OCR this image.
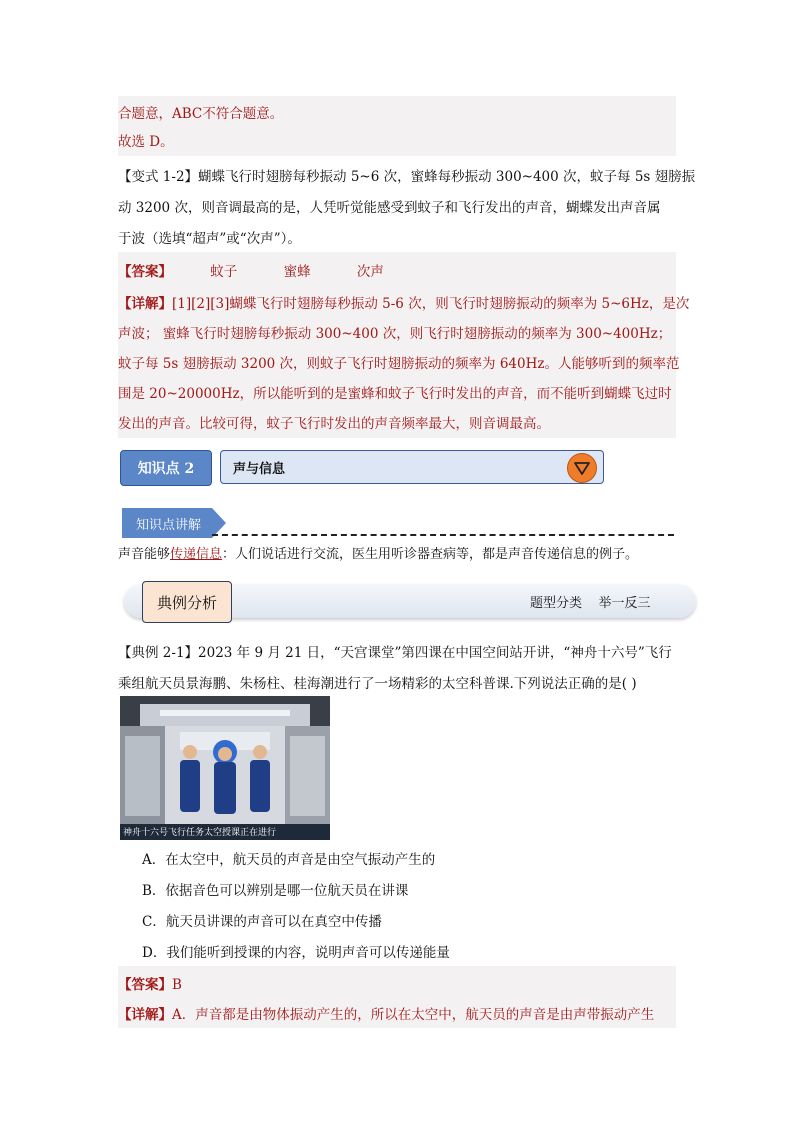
合题意，ABC不符合题意。
故选 D。
【变式 1-2】蝴蝶飞行时翅膀每秒振动 5~6 次，蜜蜂每秒振动 300~400 次，蚊子每 5s 翅膀振
动 3200 次，则音调最高的是，人凭听觉能感受到蚊子和飞行发出的声音，蝴蝶发出声音属
于波（选填“超声”或“次声”）。
【答案】	蚊子	蜜蜂	次声
【详解】[1][2][3]蝴蝶飞行时翅膀每秒振动 5-6 次，则飞行时翅膀振动的频率为 5~6Hz，是次
声波； 蜜蜂飞行时翅膀每秒振动 300~400 次，则飞行时翅膀振动的频率为 300~400Hz；
蚊子每 5s 翅膀振动 3200 次，则蚊子飞行时翅膀振动的频率为 640Hz。人能够听到的频率范
围是 20~20000Hz，所以能听到的是蜜蜂和蚊子飞行时发出的声音，而不能听到蝴蝶飞过时
发出的声音。比较可得，蚊子飞行时发出的声音频率最大，则音调最高。
知识点 2	声与信息
知识点讲解
声音能够传递信息：人们说话进行交流，医生用听诊器查病等，都是声音传递信息的例子。
典例分析	题型分类    举一反三
【典例 2-1】2023 年 9 月 21 日，“天宫课堂”第四课在中国空间站开讲，“神舟十六号”飞行
乘组航天员景海鹏、朱杨柱、桂海潮进行了一场精彩的太空科普课.下列说法正确的是( )
神舟十六号飞行任务太空授课正在进行
A．在太空中，航天员的声音是由空气振动产生的
B．依据音色可以辨别是哪一位航天员在讲课
C．航天员讲课的声音可以在真空中传播
D．我们能听到授课的内容，说明声音可以传递能量
【答案】B
【详解】A．声音都是由物体振动产生的，所以在太空中，航天员的声音是由声带振动产生
